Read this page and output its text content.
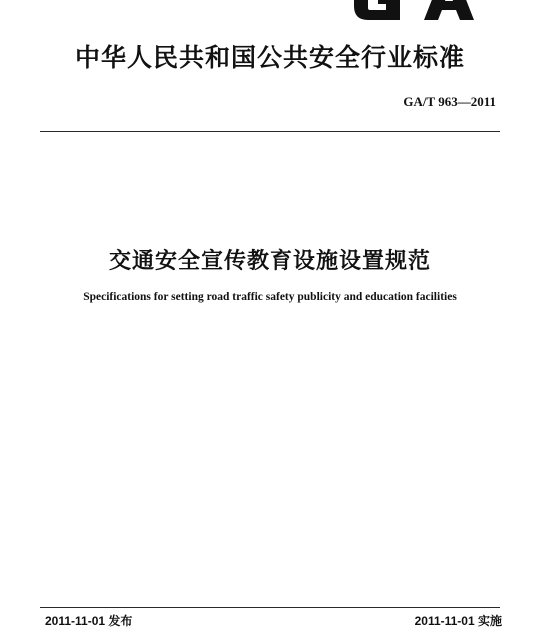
中华人民共和国公共安全行业标准
GA/T 963—2011
交通安全宣传教育设施设置规范
Specifications for setting road traffic safety publicity and education facilities
2011-11-01 发布	2011-11-01 实施
